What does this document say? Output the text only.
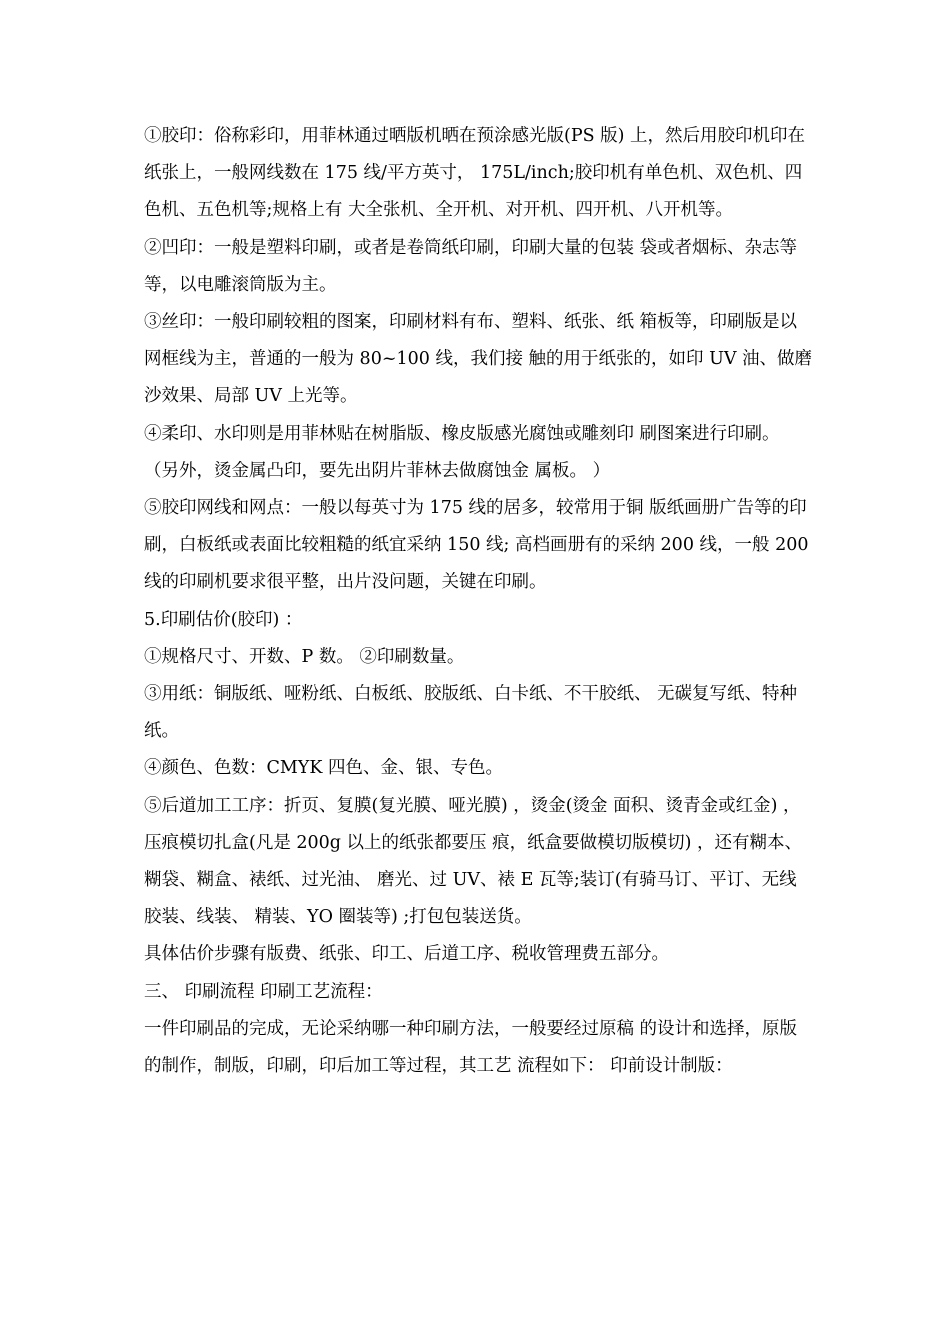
①胶印：俗称彩印，用菲林通过晒版机晒在预涂感光版(PS 版) 上，然后用胶印机印在纸张上，一般网线数在 175 线/平方英寸， 175L/inch;胶印机有单色机、双色机、四色机、五色机等;规格上有 大全张机、全开机、对开机、四开机、八开机等。

②凹印：一般是塑料印刷，或者是卷筒纸印刷，印刷大量的包装 袋或者烟标、杂志等等，以电雕滚筒版为主。

③丝印：一般印刷较粗的图案，印刷材料有布、塑料、纸张、纸 箱板等，印刷版是以网框线为主，普通的一般为 80~100 线，我们接 触的用于纸张的，如印 UV 油、做磨沙效果、局部 UV 上光等。

④柔印、水印则是用菲林贴在树脂版、橡皮版感光腐蚀或雕刻印 刷图案进行印刷。

（另外，烫金属凸印，要先出阴片菲林去做腐蚀金 属板。 ）

⑤胶印网线和网点：一般以每英寸为 175 线的居多，较常用于铜 版纸画册广告等的印刷，白板纸或表面比较粗糙的纸宜采纳 150 线; 高档画册有的采纳 200 线，一般 200 线的印刷机要求很平整，出片没问题，关键在印刷。

5.印刷估价(胶印) ：

①规格尺寸、开数、P 数。 ②印刷数量。

③用纸：铜版纸、哑粉纸、白板纸、胶版纸、白卡纸、不干胶纸、 无碳复写纸、特种纸。

④颜色、色数：CMYK 四色、金、银、专色。

⑤后道加工工序：折页、复膜(复光膜、哑光膜) ，烫金(烫金 面积、烫青金或红金) ，压痕模切扎盒(凡是 200g 以上的纸张都要压 痕，纸盒要做模切版模切) ，还有糊本、糊袋、糊盒、裱纸、过光油、 磨光、过 UV、裱 E 瓦等;装订(有骑马订、平订、无线胶装、线装、 精装、YO 圈装等) ;打包包装送货。

具体估价步骤有版费、纸张、印工、后道工序、税收管理费五部分。

三、 印刷流程 印刷工艺流程：

一件印刷品的完成，无论采纳哪一种印刷方法，一般要经过原稿 的设计和选择，原版的制作，制版，印刷，印后加工等过程，其工艺 流程如下： 印前设计制版：
